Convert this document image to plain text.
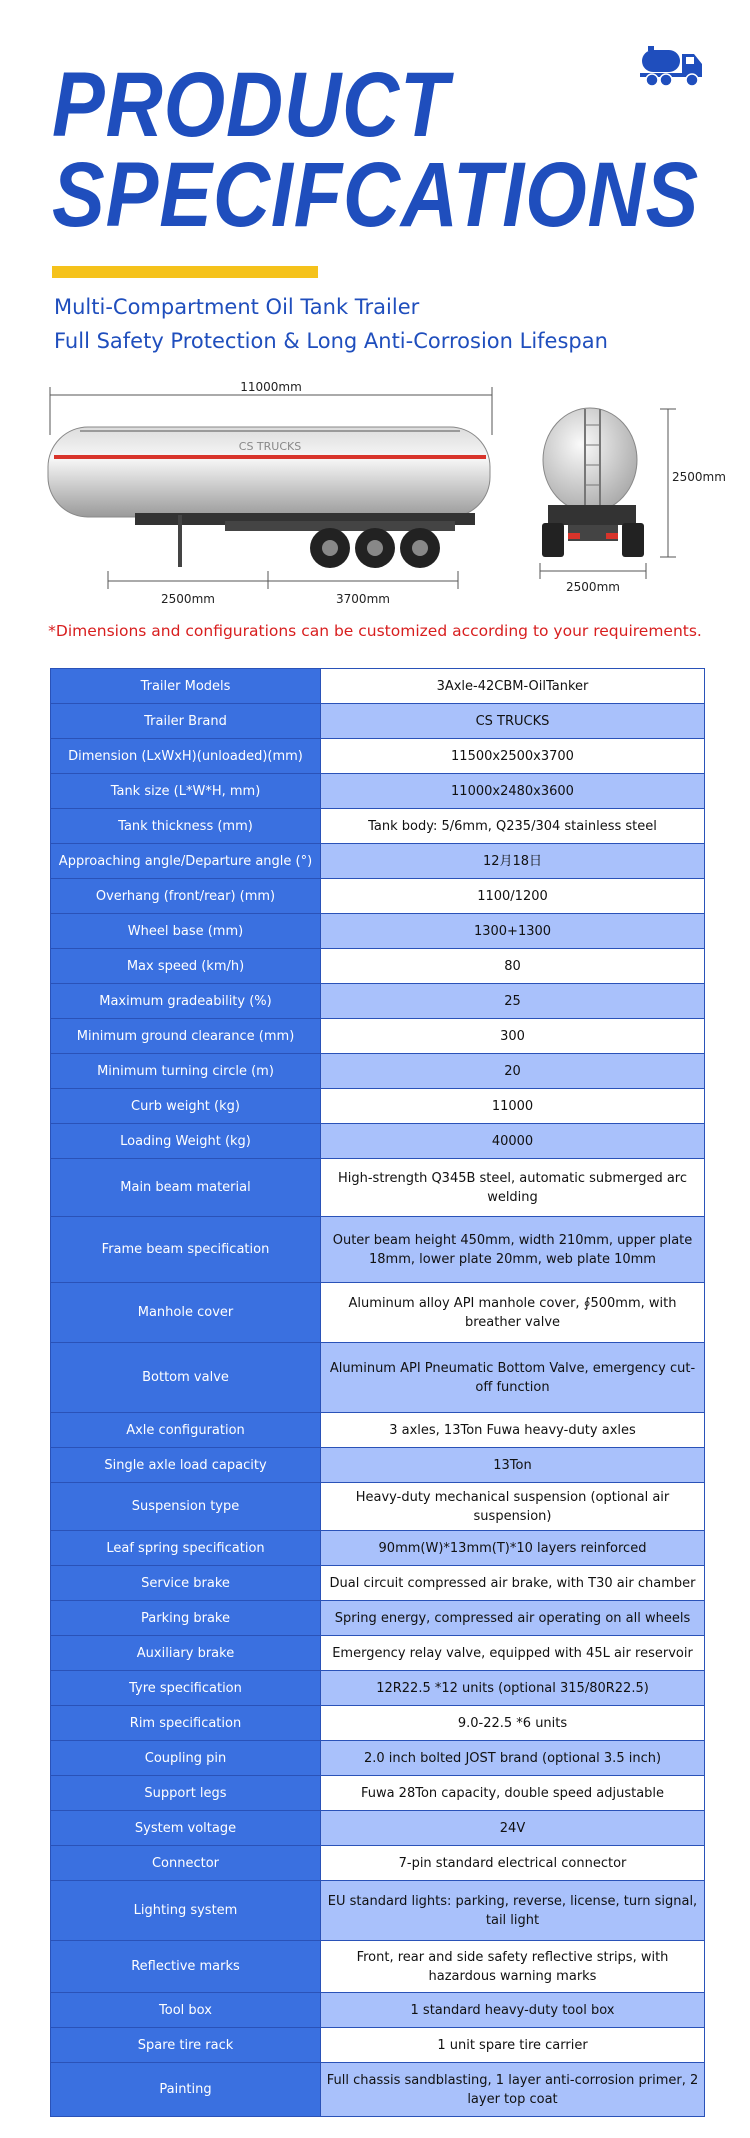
PRODUCT
SPECIFCATIONS
Multi-Compartment Oil Tank Trailer
Full Safety Protection & Long Anti-Corrosion Lifespan
11000mm
CS TRUCKS
2500mm	3700mm
2500mm
2500mm
*Dimensions and configurations can be customized according to your requirements.
Trailer Models	3Axle-42CBM-OilTanker
Trailer Brand	CS TRUCKS
Dimension (LxWxH)(unloaded)(mm)	11500x2500x3700
Tank size (L*W*H, mm)	11000x2480x3600
Tank thickness (mm)	Tank body: 5/6mm, Q235/304 stainless steel
Approaching angle/Departure angle (°)	12月18日
Overhang (front/rear) (mm)	1100/1200
Wheel base (mm)	1300+1300
Max speed (km/h)	80
Maximum gradeability (%)	25
Minimum ground clearance (mm)	300
Minimum turning circle (m)	20
Curb weight (kg)	11000
Loading Weight (kg)	40000
Main beam material	High-strength Q345B steel, automatic submerged arc welding
Frame beam specification	Outer beam height 450mm, width 210mm, upper plate 18mm, lower plate 20mm, web plate 10mm
Manhole cover	Aluminum alloy API manhole cover, ∮500mm, with breather valve
Bottom valve	Aluminum API Pneumatic Bottom Valve, emergency cut-off function
Axle configuration	3 axles, 13Ton Fuwa heavy-duty axles
Single axle load capacity	13Ton
Suspension type	Heavy-duty mechanical suspension (optional air suspension)
Leaf spring specification	90mm(W)*13mm(T)*10 layers reinforced
Service brake	Dual circuit compressed air brake, with T30 air chamber
Parking brake	Spring energy, compressed air operating on all wheels
Auxiliary brake	Emergency relay valve, equipped with 45L air reservoir
Tyre specification	12R22.5 *12 units (optional 315/80R22.5)
Rim specification	9.0-22.5 *6 units
Coupling pin	2.0 inch bolted JOST brand (optional 3.5 inch)
Support legs	Fuwa 28Ton capacity, double speed adjustable
System voltage	24V
Connector	7-pin standard electrical connector
Lighting system	EU standard lights: parking, reverse, license, turn signal, tail light
Reflective marks	Front, rear and side safety reflective strips, with hazardous warning marks
Tool box	1 standard heavy-duty tool box
Spare tire rack	1 unit spare tire carrier
Painting	Full chassis sandblasting, 1 layer anti-corrosion primer, 2 layer top coat
